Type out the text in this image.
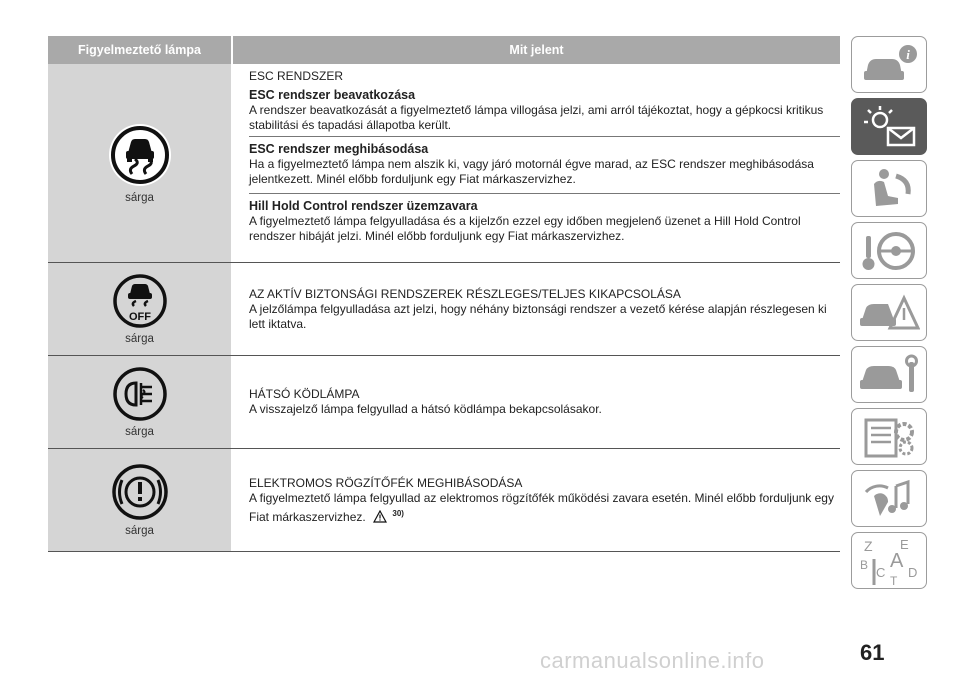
Figyelmeztető lámpa	Mit jelent
sárga
ESC RENDSZER
ESC rendszer beavatkozása
A rendszer beavatkozását a figyelmeztető lámpa villogása jelzi, ami arról tájékoztat, hogy a gépkocsi kritikus stabilitási és tapadási állapotba került.
ESC rendszer meghibásodása
Ha a figyelmeztető lámpa nem alszik ki, vagy járó motornál égve marad, az ESC rendszer meghibásodása jelentkezett. Minél előbb forduljunk egy Fiat márkaszervizhez.
Hill Hold Control rendszer üzemzavara
A figyelmeztető lámpa felgyulladása és a kijelzőn ezzel egy időben megjelenő üzenet a Hill Hold Control rendszer hibáját jelzi. Minél előbb forduljunk egy Fiat márkaszervizhez.
OFF
sárga
AZ AKTÍV BIZTONSÁGI RENDSZEREK RÉSZLEGES/TELJES KIKAPCSOLÁSA
A jelzőlámpa felgyulladása azt jelzi, hogy néhány biztonsági rendszer a vezető kérése alapján részlegesen ki lett iktatva.
sárga
HÁTSÓ KÖDLÁMPA
A visszajelző lámpa felgyullad a hátsó ködlámpa bekapcsolásakor.
sárga
ELEKTROMOS RÖGZÍTŐFÉK MEGHIBÁSODÁSA
A figyelmeztető lámpa felgyullad az elektromos rögzítőfék működési zavara esetén. Minél előbb forduljunk egy Fiat márkaszervizhez.	$^{30)}$
i
Z E
B A
C D
T
61
carmanualsonline.info
